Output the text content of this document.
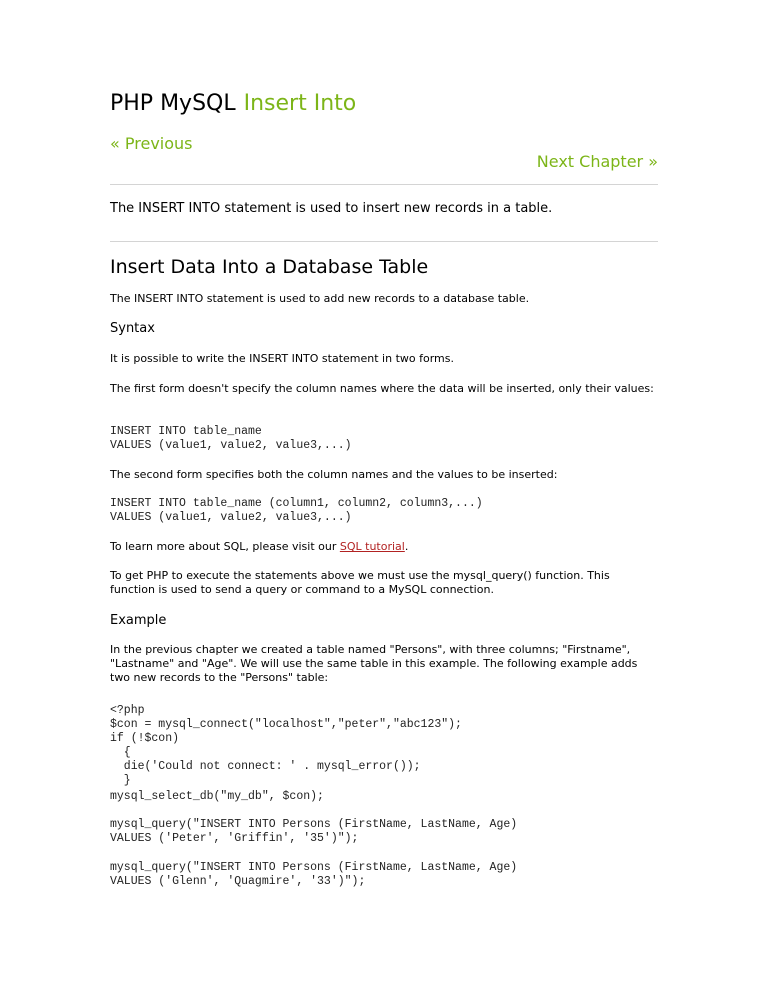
PHP MySQL Insert Into
« Previous
Next Chapter »

The INSERT INTO statement is used to insert new records in a table.

Insert Data Into a Database Table

The INSERT INTO statement is used to add new records to a database table.

Syntax

It is possible to write the INSERT INTO statement in two forms.

The first form doesn't specify the column names where the data will be inserted, only their values:

INSERT INTO table_name
VALUES (value1, value2, value3,...)

The second form specifies both the column names and the values to be inserted:

INSERT INTO table_name (column1, column2, column3,...)
VALUES (value1, value2, value3,...)

To learn more about SQL, please visit our SQL tutorial.

To get PHP to execute the statements above we must use the mysql_query() function. This function is used to send a query or command to a MySQL connection.

Example

In the previous chapter we created a table named "Persons", with three columns; "Firstname", "Lastname" and "Age". We will use the same table in this example. The following example adds two new records to the "Persons" table:

<?php
$con = mysql_connect("localhost","peter","abc123");
if (!$con)
{
die('Could not connect: ' . mysql_error());
}
mysql_select_db("my_db", $con);
mysql_query("INSERT INTO Persons (FirstName, LastName, Age)
VALUES ('Peter', 'Griffin', '35')");
mysql_query("INSERT INTO Persons (FirstName, LastName, Age)
VALUES ('Glenn', 'Quagmire', '33')");
